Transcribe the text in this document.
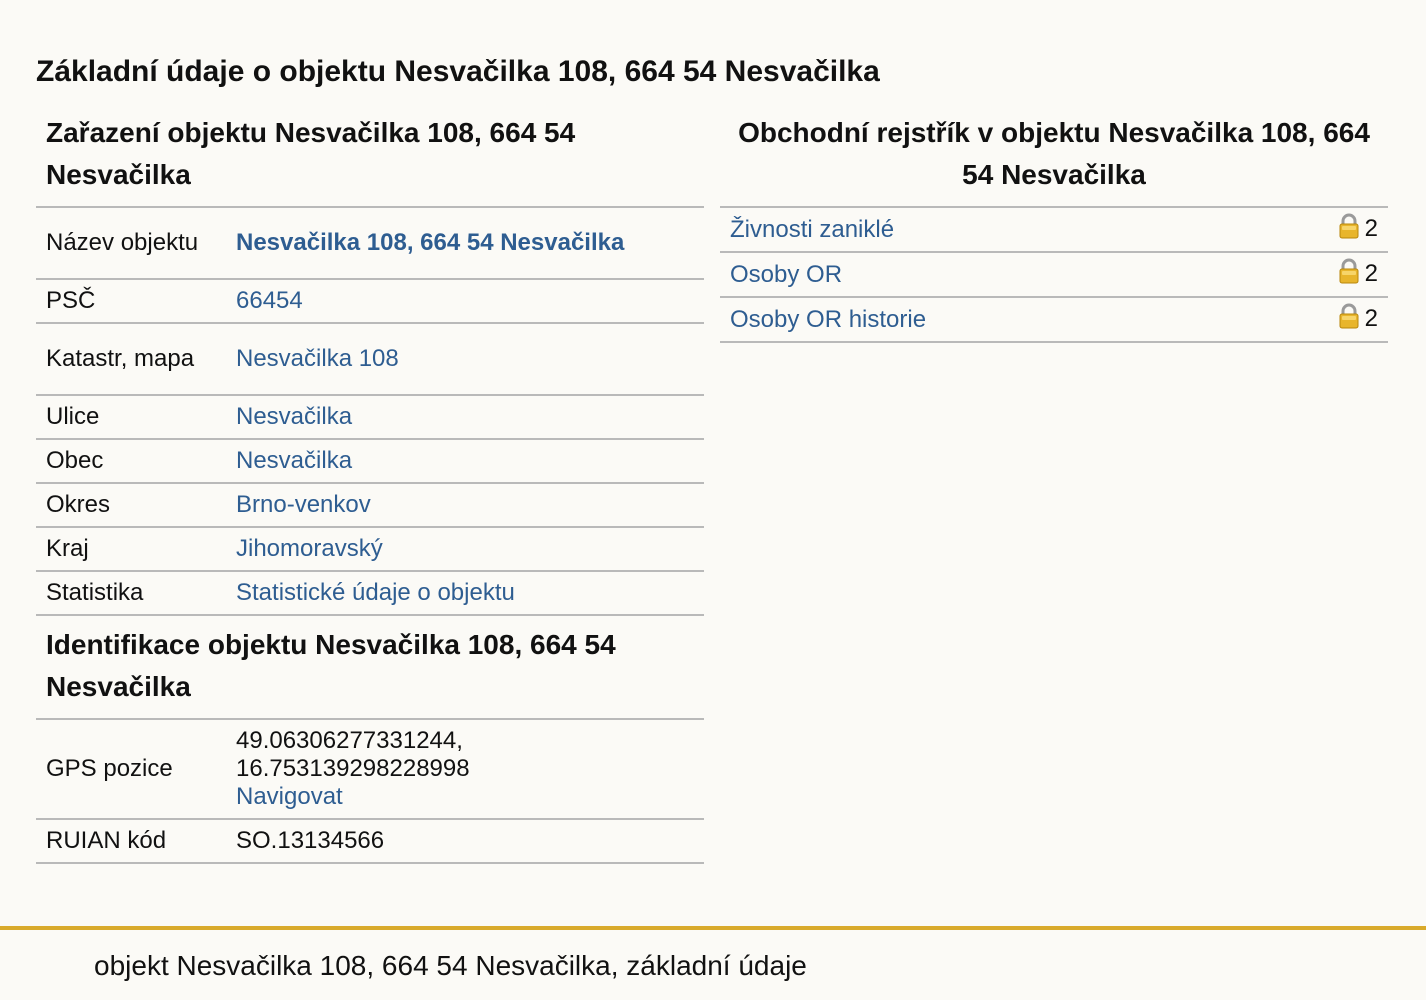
Základní údaje o objektu Nesvačilka 108, 664 54 Nesvačilka
Zařazení objektu Nesvačilka 108, 664 54 Nesvačilka
Název objektu	Nesvačilka 108, 664 54 Nesvačilka
PSČ	66454
Katastr, mapa	Nesvačilka 108
Ulice	Nesvačilka
Obec	Nesvačilka
Okres	Brno-venkov
Kraj	Jihomoravský
Statistika	Statistické údaje o objektu
Identifikace objektu Nesvačilka 108, 664 54 Nesvačilka
GPS pozice	49.06306277331244,
16.753139298228998
Navigovat
RUIAN kód	SO.13134566
Obchodní rejstřík v objektu Nesvačilka 108, 664 54 Nesvačilka
Živnosti zaniklé	2
Osoby OR	2
Osoby OR historie	2
objekt Nesvačilka 108, 664 54 Nesvačilka, základní údaje
